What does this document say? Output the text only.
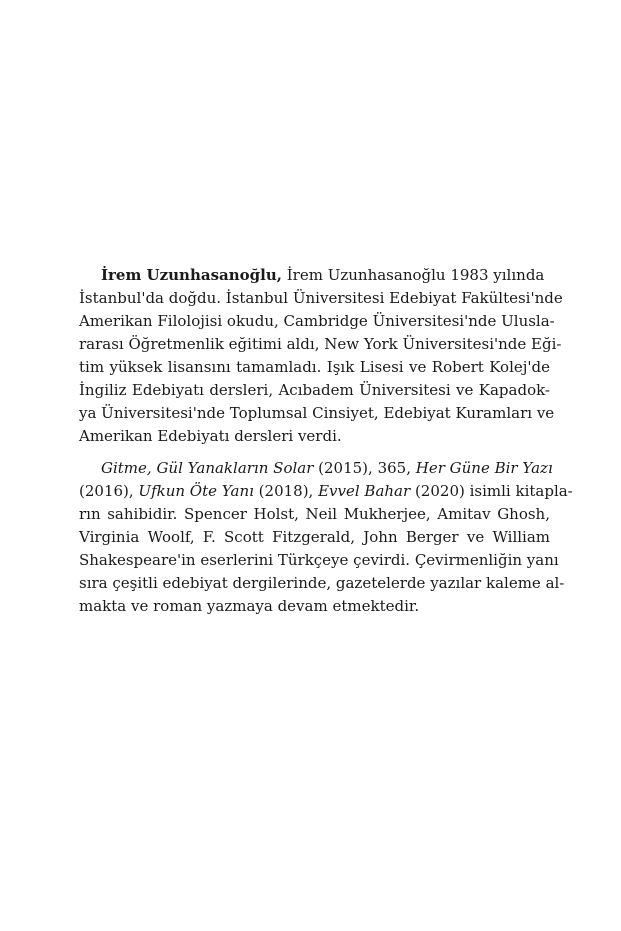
İrem Uzunhasanoğlu, İrem Uzunhasanoğlu 1983 yılında
İstanbul'da doğdu. İstanbul Üniversitesi Edebiyat Fakültesi'nde
Amerikan Filolojisi okudu, Cambridge Üniversitesi'nde Ulusla-
rarası Öğretmenlik eğitimi aldı, New York Üniversitesi'nde Eği-
tim yüksek lisansını tamamladı. Işık Lisesi ve Robert Kolej'de
İngiliz Edebiyatı dersleri, Acıbadem Üniversitesi ve Kapadok-
ya Üniversitesi'nde Toplumsal Cinsiyet, Edebiyat Kuramları ve
Amerikan Edebiyatı dersleri verdi.
Gitme, Gül Yanakların Solar (2015), 365, Her Güne Bir Yazı
(2016), Ufkun Öte Yanı (2018), Evvel Bahar (2020) isimli kitapla-
rın sahibidir. Spencer Holst, Neil Mukherjee, Amitav Ghosh,
Virginia Woolf, F. Scott Fitzgerald, John Berger ve William
Shakespeare'in eserlerini Türkçeye çevirdi. Çevirmenliğin yanı
sıra çeşitli edebiyat dergilerinde, gazetelerde yazılar kaleme al-
makta ve roman yazmaya devam etmektedir.
